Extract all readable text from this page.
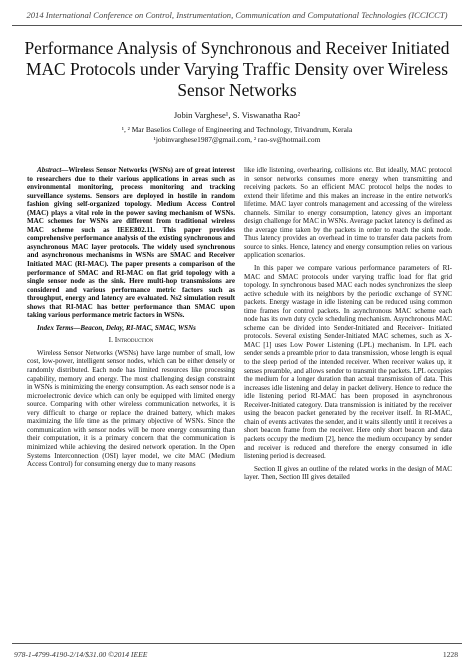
2014 International Conference on Control, Instrumentation, Communication and Computational Technologies (ICCICCT)
Performance Analysis of Synchronous and Receiver Initiated MAC Protocols under Varying Traffic Density over Wireless Sensor Networks
Jobin Varghese¹, S. Viswanatha Rao²
¹, ² Mar Baselios College of Engineering and Technology, Trivandrum, Kerala
¹jobinvarghese1987@gmail.com, ² rao-sv@hotmail.com

Abstract—Wireless Sensor Networks (WSNs) are of great interest to researchers due to their various applications in areas such as environmental monitoring, process monitoring and tracking surveillance systems. Sensors are deployed in hostile in random fashion giving self-organized topology. Medium Access Control (MAC) plays a vital role in the power saving mechanism of WSNs. MAC schemes for WSNs are different from traditional wireless MAC scheme such as IEEE802.11. This paper provides comprehensive performance analysis of the existing synchronous and asynchronous MAC layer protocols. The widely used synchronous and asynchronous mechanisms in WSNs are SMAC and Receiver Initiated MAC (RI-MAC). The paper presents a comparison of the performance of SMAC and RI-MAC on flat grid topology with a single sensor node as the sink. Here multi-hop transmissions are considered and various performance metric factors such as throughput, energy and latency are evaluated. Ns2 simulation result shows that RI-MAC has better performance than SMAC upon taking various performance metric factors in WSNs.

Index Terms—Beacon, Delay, RI-MAC, SMAC, WSNs

I. Introduction

Wireless Sensor Networks (WSNs) have large number of small, low cost, low-power, intelligent sensor nodes, which can be either densely or randomly distributed. Each node has limited resources like processing capability, memory and energy. The most challenging design constraint in WSNs is minimizing the energy consumption. As each sensor node is a microelectronic device which can only be equipped with limited energy source. Comparing with other wireless communication networks, it is very difficult to charge or replace the drained battery, which makes maximizing the life time as the primary objective of WSNs. Since the communication with sensor nodes will be more energy consuming than their computation, it is a primary concern that the communication is minimized while achieving the desired network operation. In the Open Systems Interconnection (OSI) layer model, we cite MAC (Medium Access Control) for consuming energy due to many reasons

like idle listening, overhearing, collisions etc. But ideally, MAC protocol in sensor networks consumes more energy when transmitting and receiving packets. So an efficient MAC protocol helps the nodes to extend their lifetime and this makes an increase in the entire network's lifetime. MAC layer controls management and accessing of the wireless channels. Similar to energy consumption, latency gives an important design challenge for MAC in WSNs. Average packet latency is defined as the average time taken by the packets in order to reach the sink node. Thus latency provides an overhead in time to transfer data packets from source to sinks. Hence, latency and energy consumption relies on various application scenarios.

In this paper we compare various performance parameters of RI-MAC and SMAC protocols under varying traffic load for flat grid topology. In synchronous based MAC each nodes synchronizes the sleep active schedule with its neighbors by the periodic exchange of SYNC packets. Energy wastage in idle listening can be reduced using common time frames for control packets. In asynchronous MAC scheme each node has its own duty cycle scheduling mechanism. Asynchronous MAC scheme can be divided into Sender-Initiated and Receiver- Initiated protocols. Several existing Sender-Initiated MAC schemes, such as X-MAC [1] uses Low Power Listening (LPL) mechanism. In LPL each sender sends a preamble prior to data transmission, whose length is equal to the sleep period of the intended receiver. When receiver wakes up, it senses preamble, and allows sender to transmit the packets. LPL occupies the medium for a longer duration than actual transmission of data. This increases idle listening and delay in packet delivery. Hence to reduce the idle listening period RI-MAC has been proposed in asynchronous Receiver-Initiated category. Data transmission is initiated by the receiver using the beacon packet generated by the receiver itself. In RI-MAC, chain of events activates the sender, and it waits silently until it receives a short beacon frame from the receiver. Here only short beacon and data packets occupy the medium [2], hence the medium occupancy by sender and receiver is reduced and therefore the energy consumed in idle listening period is decreased.

Section II gives an outline of the related works in the design of MAC layer. Then, Section III gives detailed

978-1-4799-4190-2/14/$31.00 ©2014 IEEE	1228
